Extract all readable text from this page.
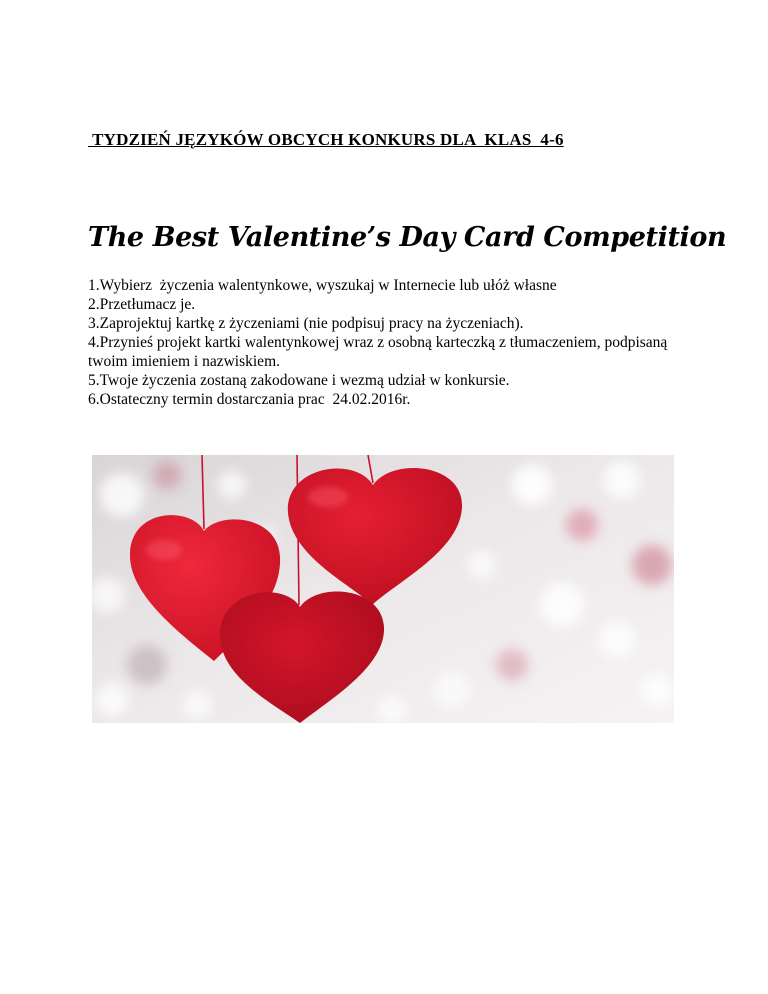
TYDZIEŃ JĘZYKÓW OBCYCH KONKURS DLA  KLAS  4-6
The Best Valentine’s Day Card Competition
1.Wybierz  życzenia walentynkowe, wyszukaj w Internecie lub ułóż własne
2.Przetłumacz je.
3.Zaprojektuj kartkę z życzeniami (nie podpisuj pracy na życzeniach).
4.Przynieś projekt kartki walentynkowej wraz z osobną karteczką z tłumaczeniem, podpisaną twoim imieniem i nazwiskiem.
5.Twoje życzenia zostaną zakodowane i wezmą udział w konkursie.
6.Ostateczny termin dostarczania prac  24.02.2016r.
